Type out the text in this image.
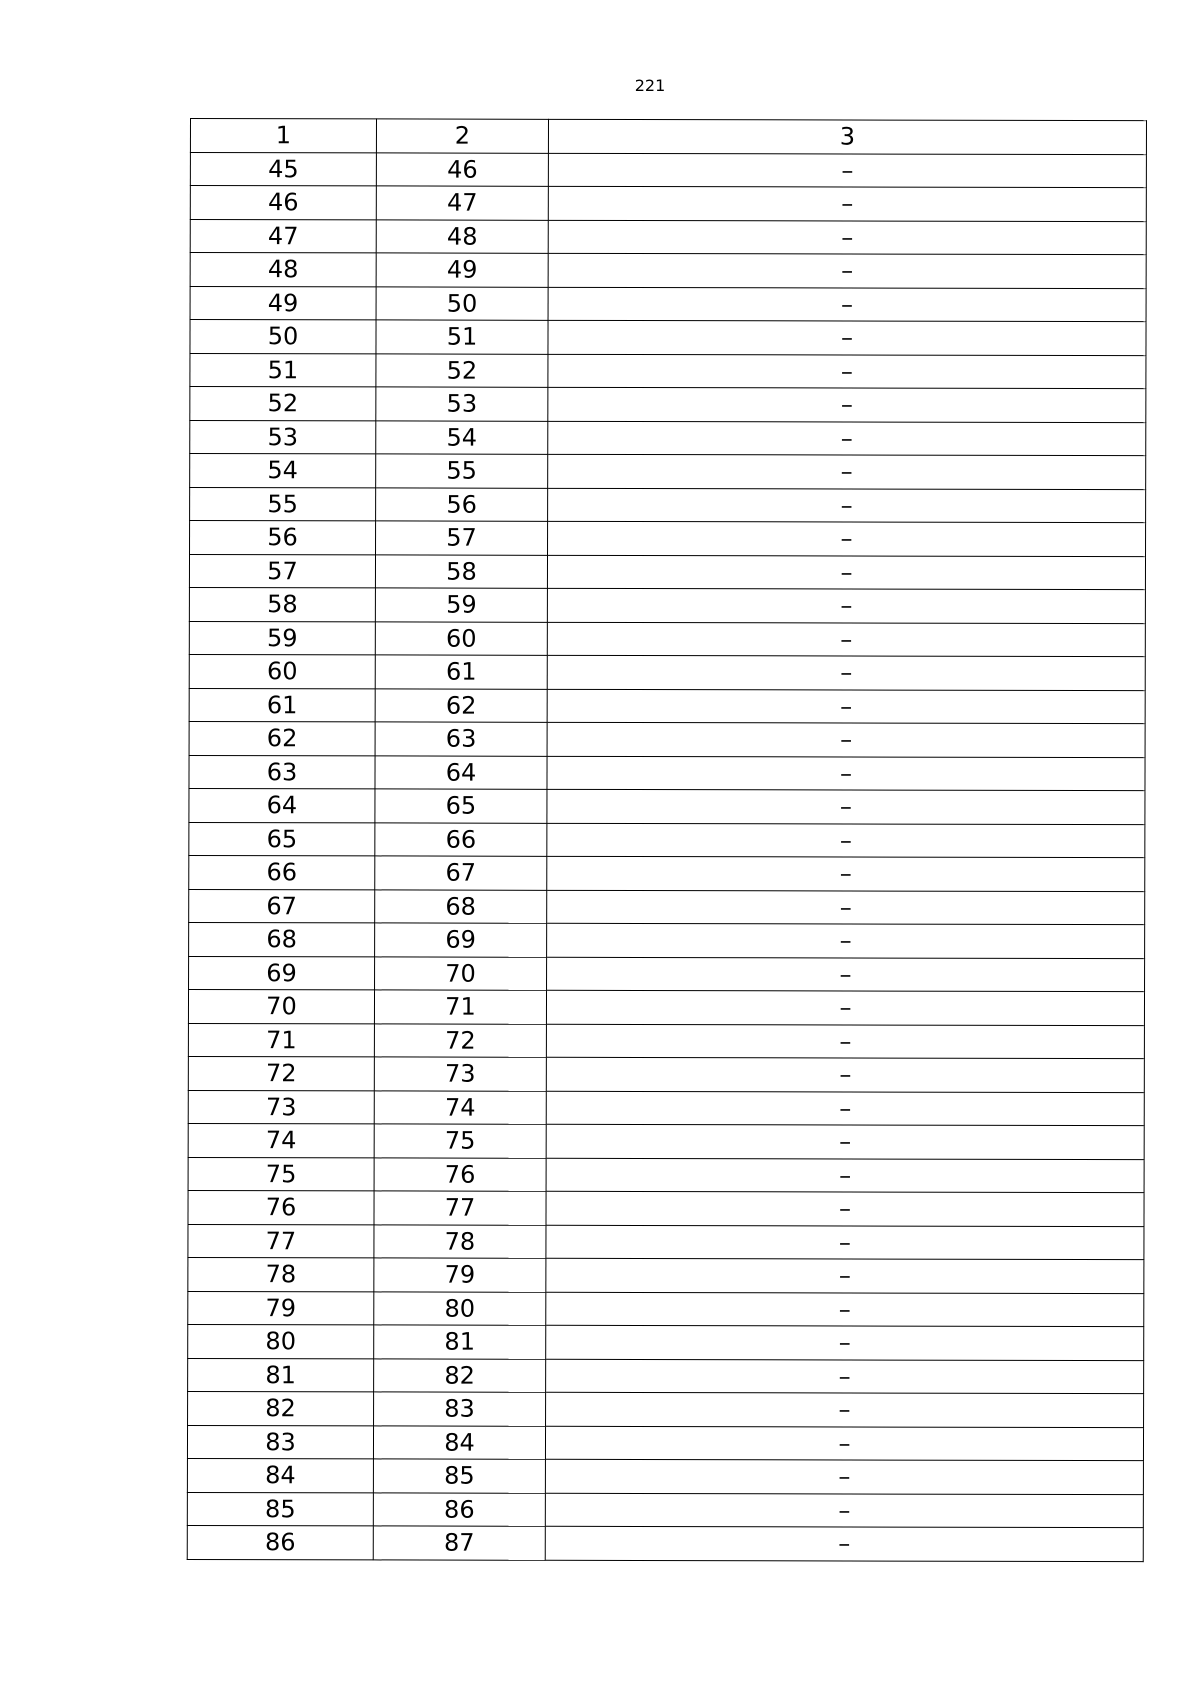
221
1	2	3
45	46	–
46	47	–
47	48	–
48	49	–
49	50	–
50	51	–
51	52	–
52	53	–
53	54	–
54	55	–
55	56	–
56	57	–
57	58	–
58	59	–
59	60	–
60	61	–
61	62	–
62	63	–
63	64	–
64	65	–
65	66	–
66	67	–
67	68	–
68	69	–
69	70	–
70	71	–
71	72	–
72	73	–
73	74	–
74	75	–
75	76	–
76	77	–
77	78	–
78	79	–
79	80	–
80	81	–
81	82	–
82	83	–
83	84	–
84	85	–
85	86	–
86	87	–
